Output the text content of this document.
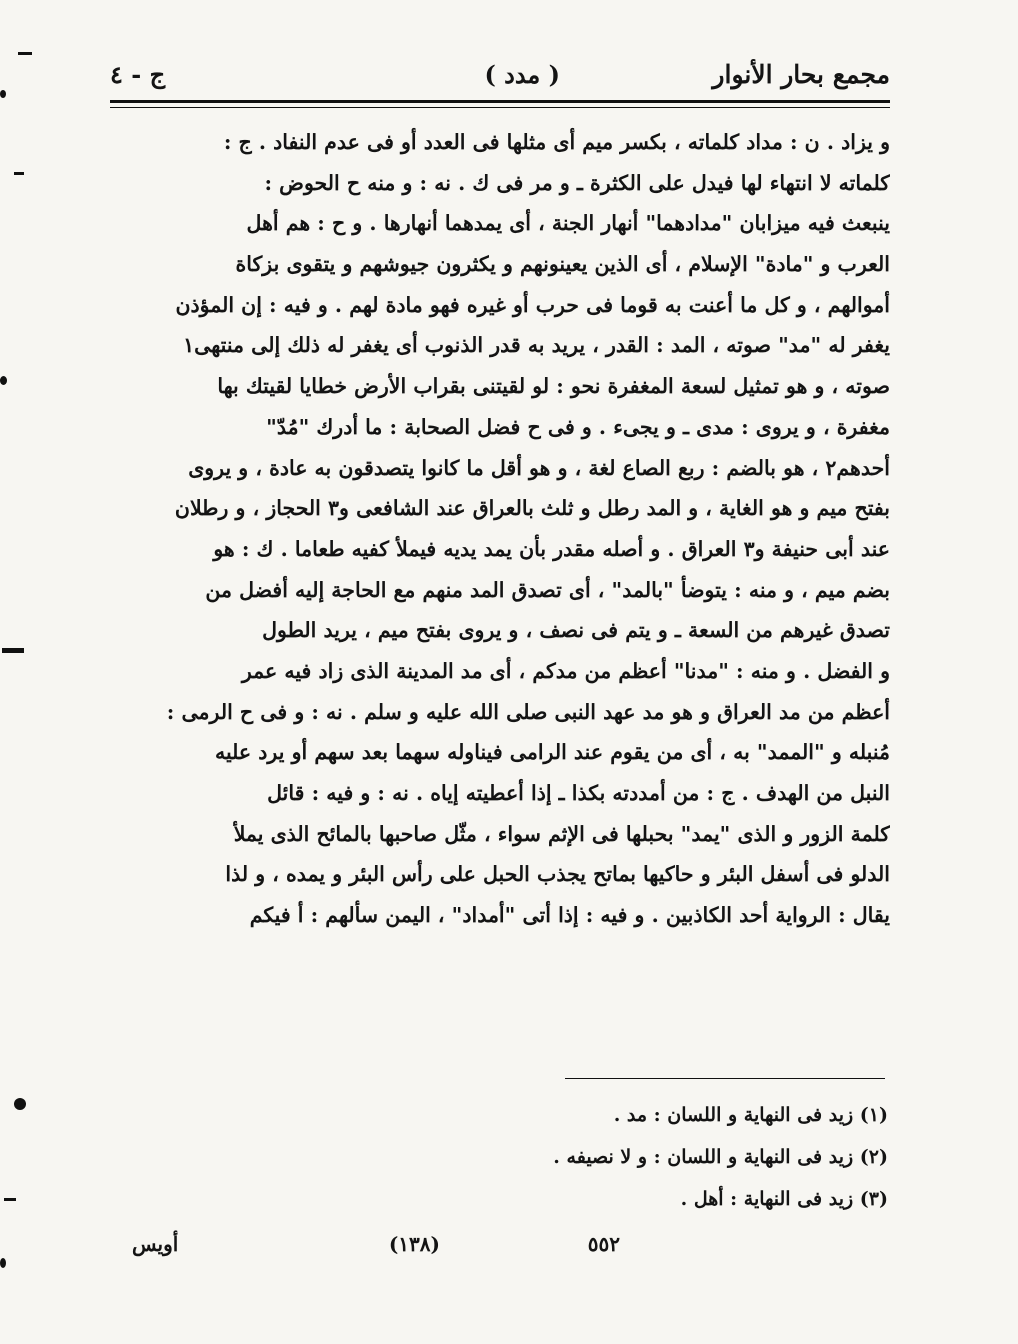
مجمع بحار الأنوار
( مدد )
ج - ٤
و يزاد . ن : مداد كلماته ، بكسر ميم أى مثلها فى العدد أو فى عدم النفاد . ج :
كلماته لا انتهاء لها فيدل على الكثرة ـ و مر فى ك . نه : و منه ح الحوض :
ينبعث فيه ميزابان "مدادهما" أنهار الجنة ، أى يمدهما أنهارها . و ح : هم أهل
العرب و "مادة" الإسلام ، أى الذين يعينونهم و يكثرون جيوشهم و يتقوى بزكاة
أموالهم ، و كل ما أعنت به قوما فى حرب أو غيره فهو مادة لهم . و فيه : إن المؤذن
يغفر له "مد" صوته ، المد : القدر ، يريد به قدر الذنوب أى يغفر له ذلك إلى منتهى١
صوته ، و هو تمثيل لسعة المغفرة نحو : لو لقيتنى بقراب الأرض خطايا لقيتك بها
مغفرة ، و يروى : مدى ـ و يجىء . و فى ح فضل الصحابة : ما أدرك "مُدّ"
أحدهم٢ ، هو بالضم : ربع الصاع لغة ، و هو أقل ما كانوا يتصدقون به عادة ، و يروى
بفتح ميم و هو الغاية ، و المد رطل و ثلث بالعراق عند الشافعى و٣ الحجاز ، و رطلان
عند أبى حنيفة و٣ العراق . و أصله مقدر بأن يمد يديه فيملأ كفيه طعاما . ك : هو
بضم ميم ، و منه : يتوضأ "بالمد" ، أى تصدق المد منهم مع الحاجة إليه أفضل من
تصدق غيرهم من السعة ـ و يتم فى نصف ، و يروى بفتح ميم ، يريد الطول
و الفضل . و منه : "مدنا" أعظم من مدكم ، أى مد المدينة الذى زاد فيه عمر
أعظم من مد العراق و هو مد عهد النبى صلى الله عليه و سلم . نه : و فى ح الرمى :
مُنبله و "الممد" به ، أى من يقوم عند الرامى فيناوله سهما بعد سهم أو يرد عليه
النبل من الهدف . ج : من أمددته بكذا ـ إذا أعطيته إياه . نه : و فيه : قائل
كلمة الزور و الذى "يمد" بحبلها فى الإثم سواء ، مثّل صاحبها بالمائح الذى يملأ
الدلو فى أسفل البئر و حاكيها بماتح يجذب الحبل على رأس البئر و يمده ، و لذا
يقال : الرواية أحد الكاذبين . و فيه : إذا أتى "أمداد" ، اليمن سألهم : أ فيكم
(١) زيد فى النهاية و اللسان : مد .
(٢) زيد فى النهاية و اللسان : و لا نصيفه .
(٣) زيد فى النهاية : أهل .
٥٥٢
(١٣٨)
أويس
